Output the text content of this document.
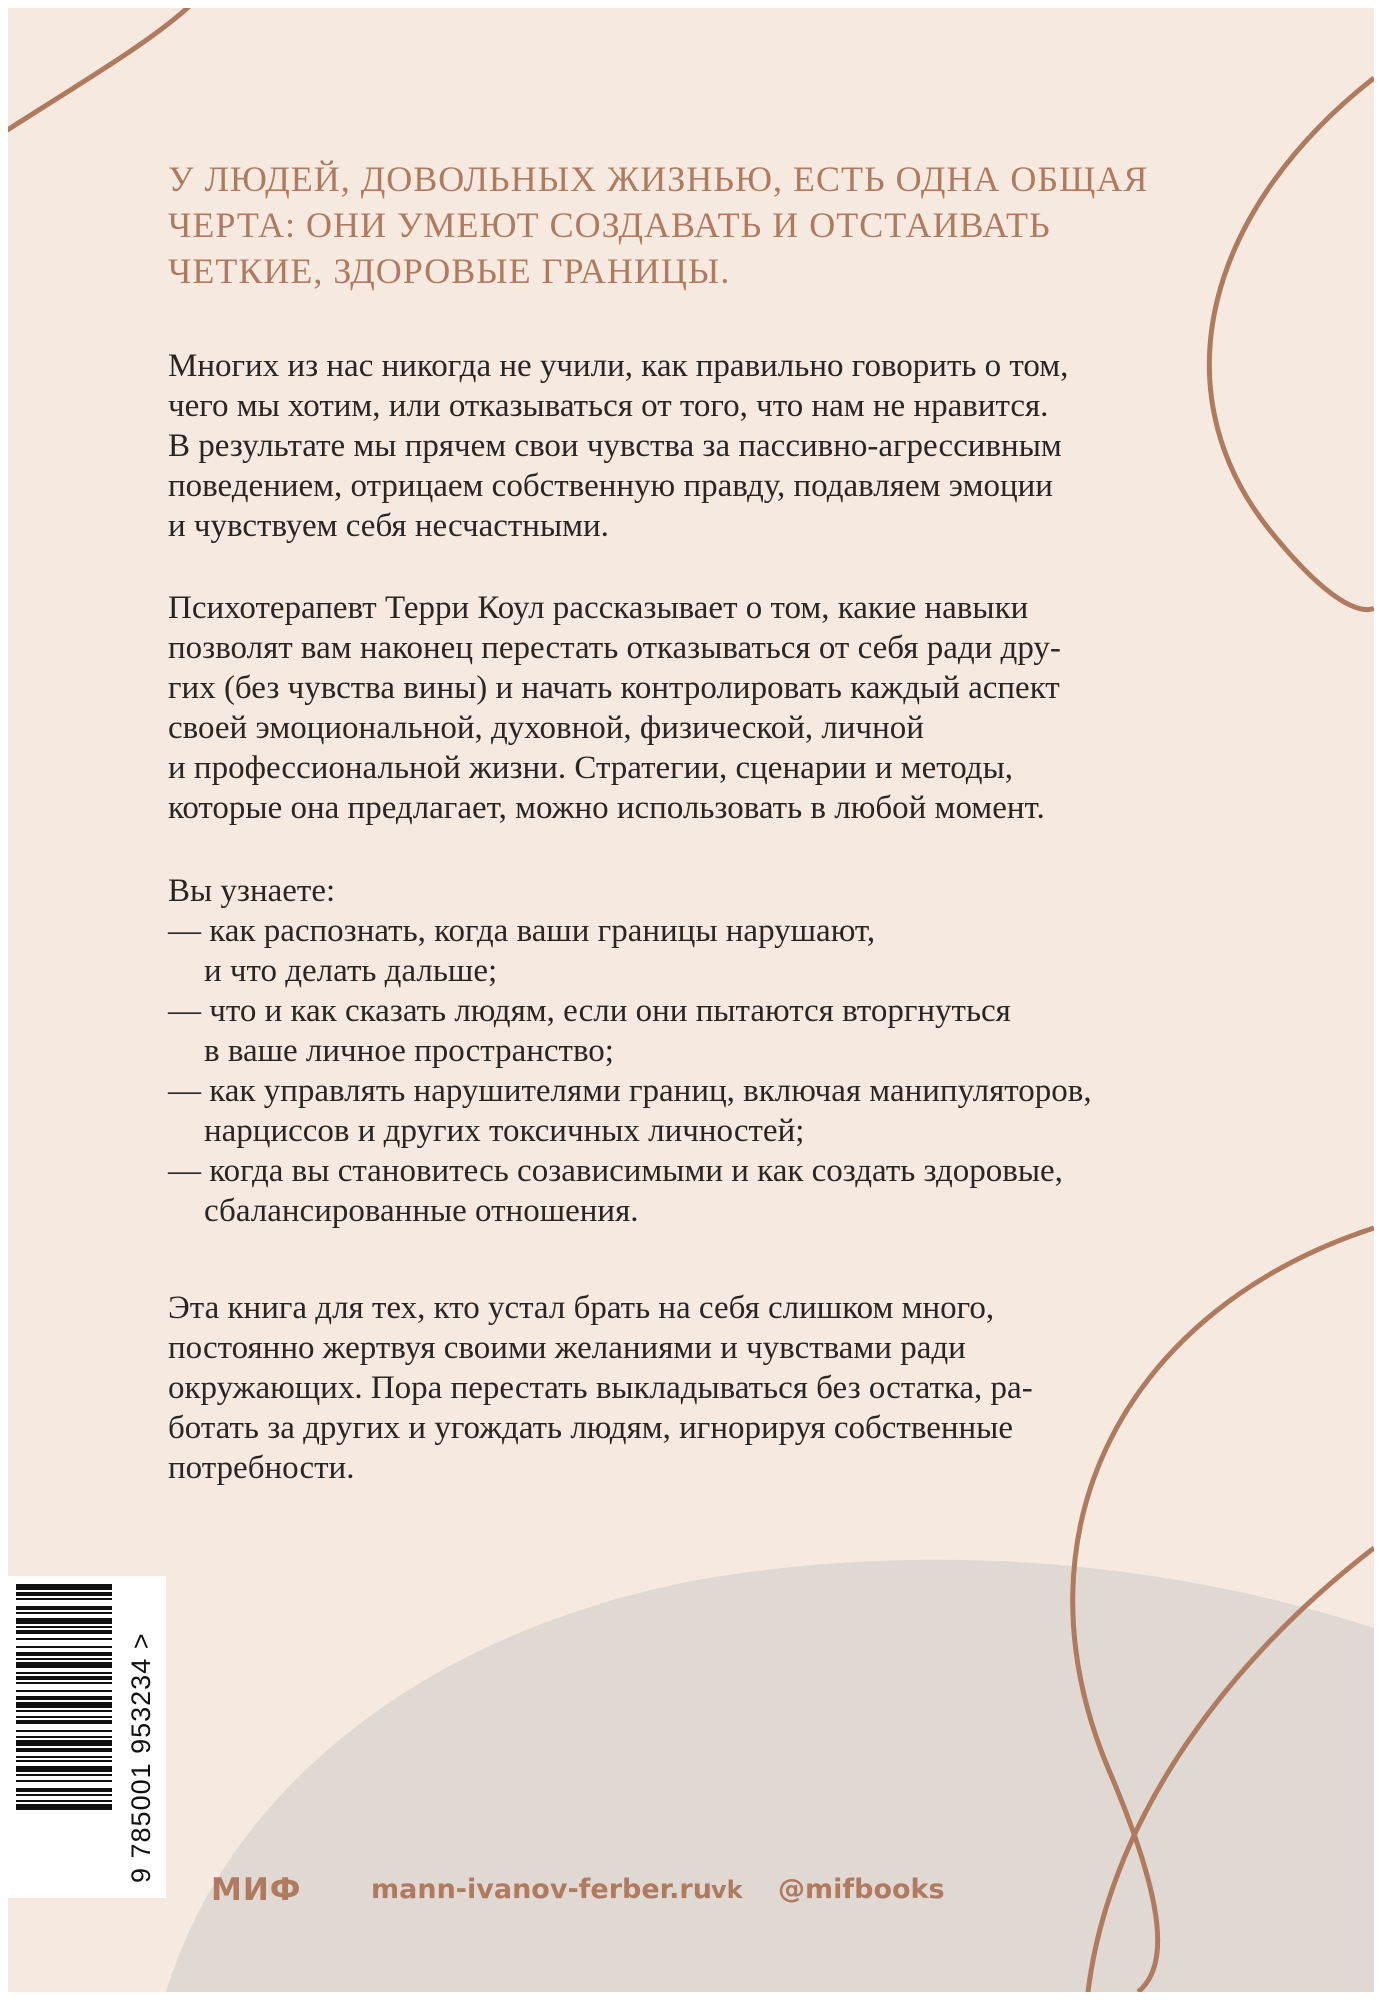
У ЛЮДЕЙ, ДОВОЛЬНЫХ ЖИЗНЬЮ, ЕСТЬ ОДНА ОБЩАЯ
ЧЕРТА: ОНИ УМЕЮТ СОЗДАВАТЬ И ОТСТАИВАТЬ
ЧЕТКИЕ, ЗДОРОВЫЕ ГРАНИЦЫ.
Многих из нас никогда не учили, как правильно говорить о том,
чего мы хотим, или отказываться от того, что нам не нравится.
В результате мы прячем свои чувства за пассивно-агрессивным
поведением, отрицаем собственную правду, подавляем эмоции
и чувствуем себя несчастными.
Психотерапевт Терри Коул рассказывает о том, какие навыки
позволят вам наконец перестать отказываться от себя ради дру-
гих (без чувства вины) и начать контролировать каждый аспект
своей эмоциональной, духовной, физической, личной
и профессиональной жизни. Стратегии, сценарии и методы,
которые она предлагает, можно использовать в любой момент.
Вы узнаете:
— как распознать, когда ваши границы нарушают,
и что делать дальше;
— что и как сказать людям, если они пытаются вторгнуться
в ваше личное пространство;
— как управлять нарушителями границ, включая манипуляторов,
нарциссов и других токсичных личностей;
— когда вы становитесь созависимыми и как создать здоровые,
сбалансированные отношения.
Эта книга для тех, кто устал брать на себя слишком много,
постоянно жертвуя своими желаниями и чувствами ради
окружающих. Пора перестать выкладываться без остатка, ра-
ботать за других и угождать людям, игнорируя собственные
потребности.
9 785001 953234 >
МИФ	mann-ivanov-ferber.ru vk @mifbooks
